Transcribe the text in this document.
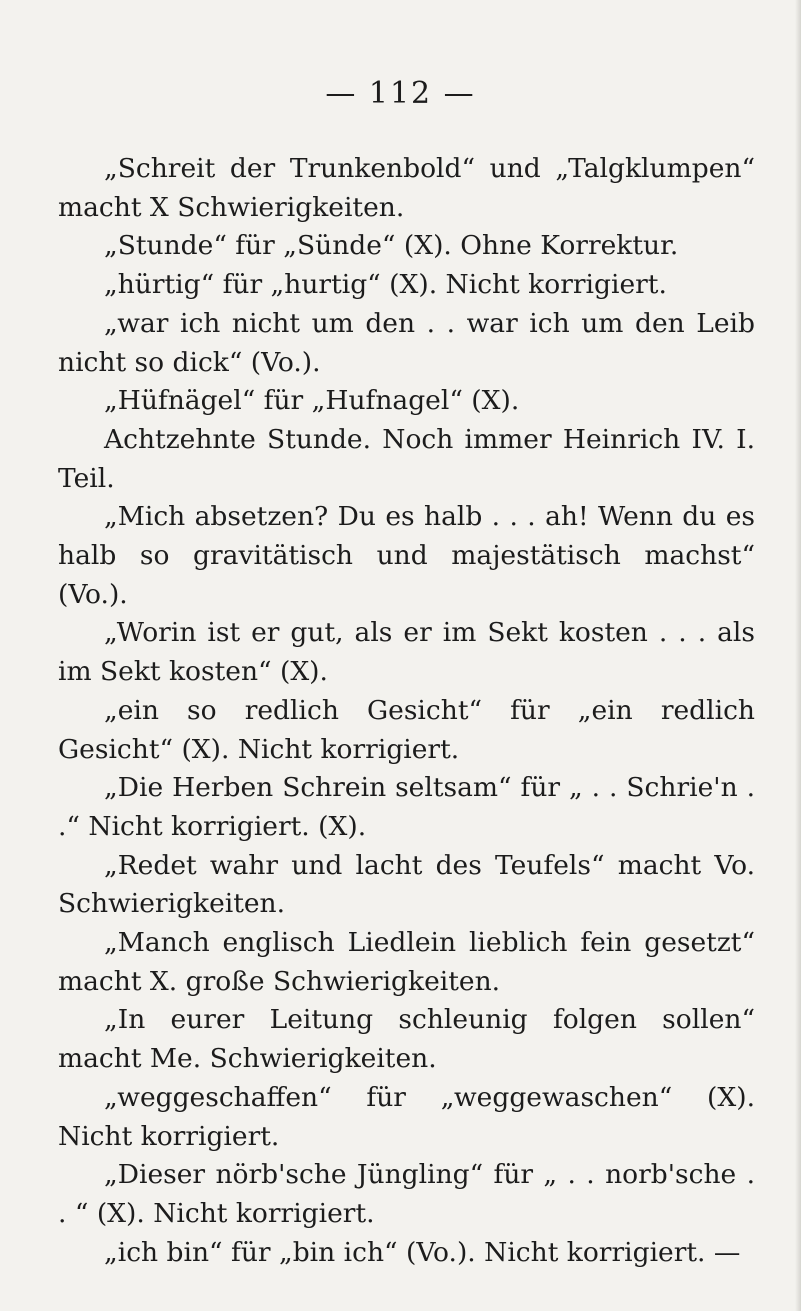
— 112 —

„Schreit der Trunkenbold“ und „Talgklumpen“ macht X Schwierigkeiten.

„Stunde“ für „Sünde“ (X). Ohne Korrektur.

„hürtig“ für „hurtig“ (X). Nicht korrigiert.

„war ich nicht um den . . war ich um den Leib nicht so dick“ (Vo.).

„Hüfnägel“ für „Hufnagel“ (X).

Achtzehnte Stunde. Noch immer Heinrich IV. I. Teil.

„Mich absetzen? Du es halb . . . ah! Wenn du es halb so gravitätisch und majestätisch machst“ (Vo.).

„Worin ist er gut, als er im Sekt kosten . . . als im Sekt kosten“ (X).

„ein so redlich Gesicht“ für „ein redlich Gesicht“ (X). Nicht korrigiert.

„Die Herben Schrein seltsam“ für „ . . Schrie'n . .“ Nicht korrigiert. (X).

„Redet wahr und lacht des Teufels“ macht Vo. Schwierigkeiten.

„Manch englisch Liedlein lieblich fein gesetzt“ macht X. große Schwierigkeiten.

„In eurer Leitung schleunig folgen sollen“ macht Me. Schwierigkeiten.

„weggeschaffen“ für „weggewaschen“ (X). Nicht korrigiert.

„Dieser nörb'sche Jüngling“ für „ . . norb'sche . . “ (X). Nicht korrigiert.

„ich bin“ für „bin ich“ (Vo.). Nicht korrigiert. —
